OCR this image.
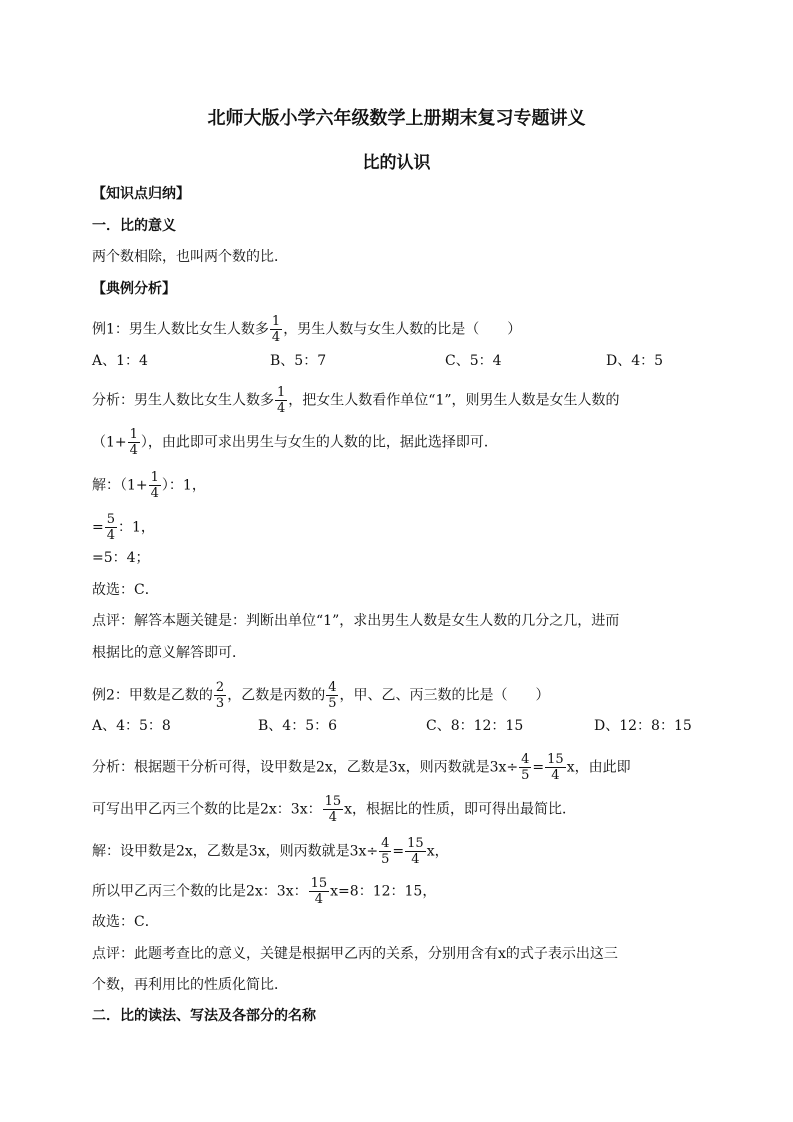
北师大版小学六年级数学上册期末复习专题讲义
比的认识
【知识点归纳】
一．比的意义
两个数相除，也叫两个数的比．
【典例分析】
例1：男生人数比女生人数多 $\frac{1}{4}$ ，男生人数与女生人数的比是（　　）
A、1：4	B、5：7	C、5：4	D、4：5
分析：男生人数比女生人数多 $\frac{1}{4}$ ，把女生人数看作单位“1”，则男生人数是女生人数的
（$1+ \frac{1}{4}$ ），由此即可求出男生与女生的人数的比，据此选择即可．
解：（$1+ \frac{1}{4}$ ）：1，
= $\frac{5}{4}$ ：1，
=5：4；
故选：C．
点评：解答本题关键是：判断出单位“1”，求出男生人数是女生人数的几分之几，进而
根据比的意义解答即可．
例2：甲数是乙数的 $\frac{2}{3}$ ，乙数是丙数的 $\frac{4}{5}$ ，甲、乙、丙三数的比是（　　）
A、4：5：8	B、4：5：6	C、8：12：15	D、12：8：15
分析：根据题干分析可得，设甲数是2x，乙数是3x，则丙数就是$3x\div \frac{4}{5} = \frac{15}{4}$ x，由此即
可写出甲乙丙三个数的比是2x：3x： $\frac{15}{4}$ x，根据比的性质，即可得出最简比．
解：设甲数是2x，乙数是3x，则丙数就是$3x\div \frac{4}{5} = \frac{15}{4}$ x，
所以甲乙丙三个数的比是2x：3x： $\frac{15}{4} x=8$：12：15，
故选：C．
点评：此题考查比的意义，关键是根据甲乙丙的关系，分别用含有x的式子表示出这三
个数，再利用比的性质化简比．
二．比的读法、写法及各部分的名称
